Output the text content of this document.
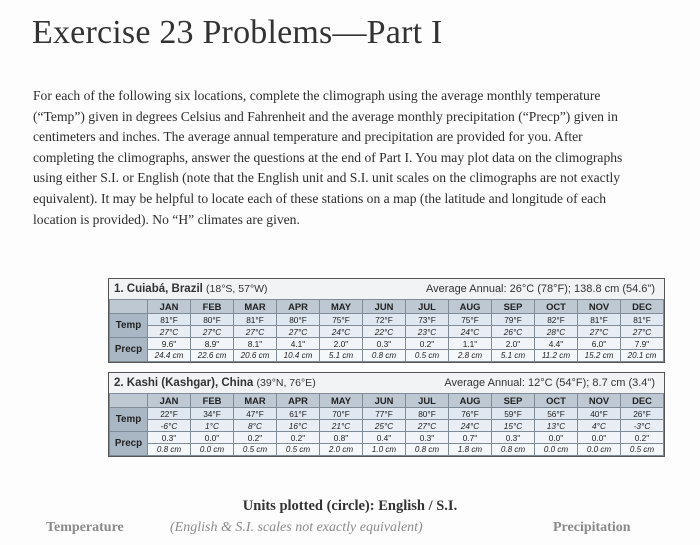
Exercise 23 Problems—Part I

For each of the following six locations, complete the climograph using the average monthly temperature
(“Temp”) given in degrees Celsius and Fahrenheit and the average monthly precipitation (“Precp”) given in
centimeters and inches. The average annual temperature and precipitation are provided for you. After
completing the climographs, answer the questions at the end of Part I. You may plot data on the climographs
using either S.I. or English (note that the English unit and S.I. unit scales on the climographs are not exactly
equivalent). It may be helpful to locate each of these stations on a map (the latitude and longitude of each
location is provided). No “H” climates are given.

1. Cuiabá, Brazil (18°S, 57°W)	Average Annual: 26°C (78°F); 138.8 cm (54.6")
	JAN	FEB	MAR	APR	MAY	JUN	JUL	AUG	SEP	OCT	NOV	DEC
Temp	81°F	80°F	81°F	80°F	75°F	72°F	73°F	75°F	79°F	82°F	81°F	81°F
	27°C	27°C	27°C	27°C	24°C	22°C	23°C	24°C	26°C	28°C	27°C	27°C
Precp	9.6"	8.9"	8.1"	4.1"	2.0"	0.3"	0.2"	1.1"	2.0"	4.4"	6.0"	7.9"
	24.4 cm	22.6 cm	20.6 cm	10.4 cm	5.1 cm	0.8 cm	0.5 cm	2.8 cm	5.1 cm	11.2 cm	15.2 cm	20.1 cm
2. Kashi (Kashgar), China (39°N, 76°E)	Average Annual: 12°C (54°F); 8.7 cm (3.4")
	JAN	FEB	MAR	APR	MAY	JUN	JUL	AUG	SEP	OCT	NOV	DEC
Temp	22°F	34°F	47°F	61°F	70°F	77°F	80°F	76°F	59°F	56°F	40°F	26°F
	-6°C	1°C	8°C	16°C	21°C	25°C	27°C	24°C	15°C	13°C	4°C	-3°C
Precp	0.3"	0.0"	0.2"	0.2"	0.8"	0.4"	0.3"	0.7"	0.3"	0.0"	0.0"	0.2"
	0.8 cm	0.0 cm	0.5 cm	0.5 cm	2.0 cm	1.0 cm	0.8 cm	1.8 cm	0.8 cm	0.0 cm	0.0 cm	0.5 cm
Units plotted (circle): English / S.I.
Temperature	(English & S.I. scales not exactly equivalent)	Precipitation
